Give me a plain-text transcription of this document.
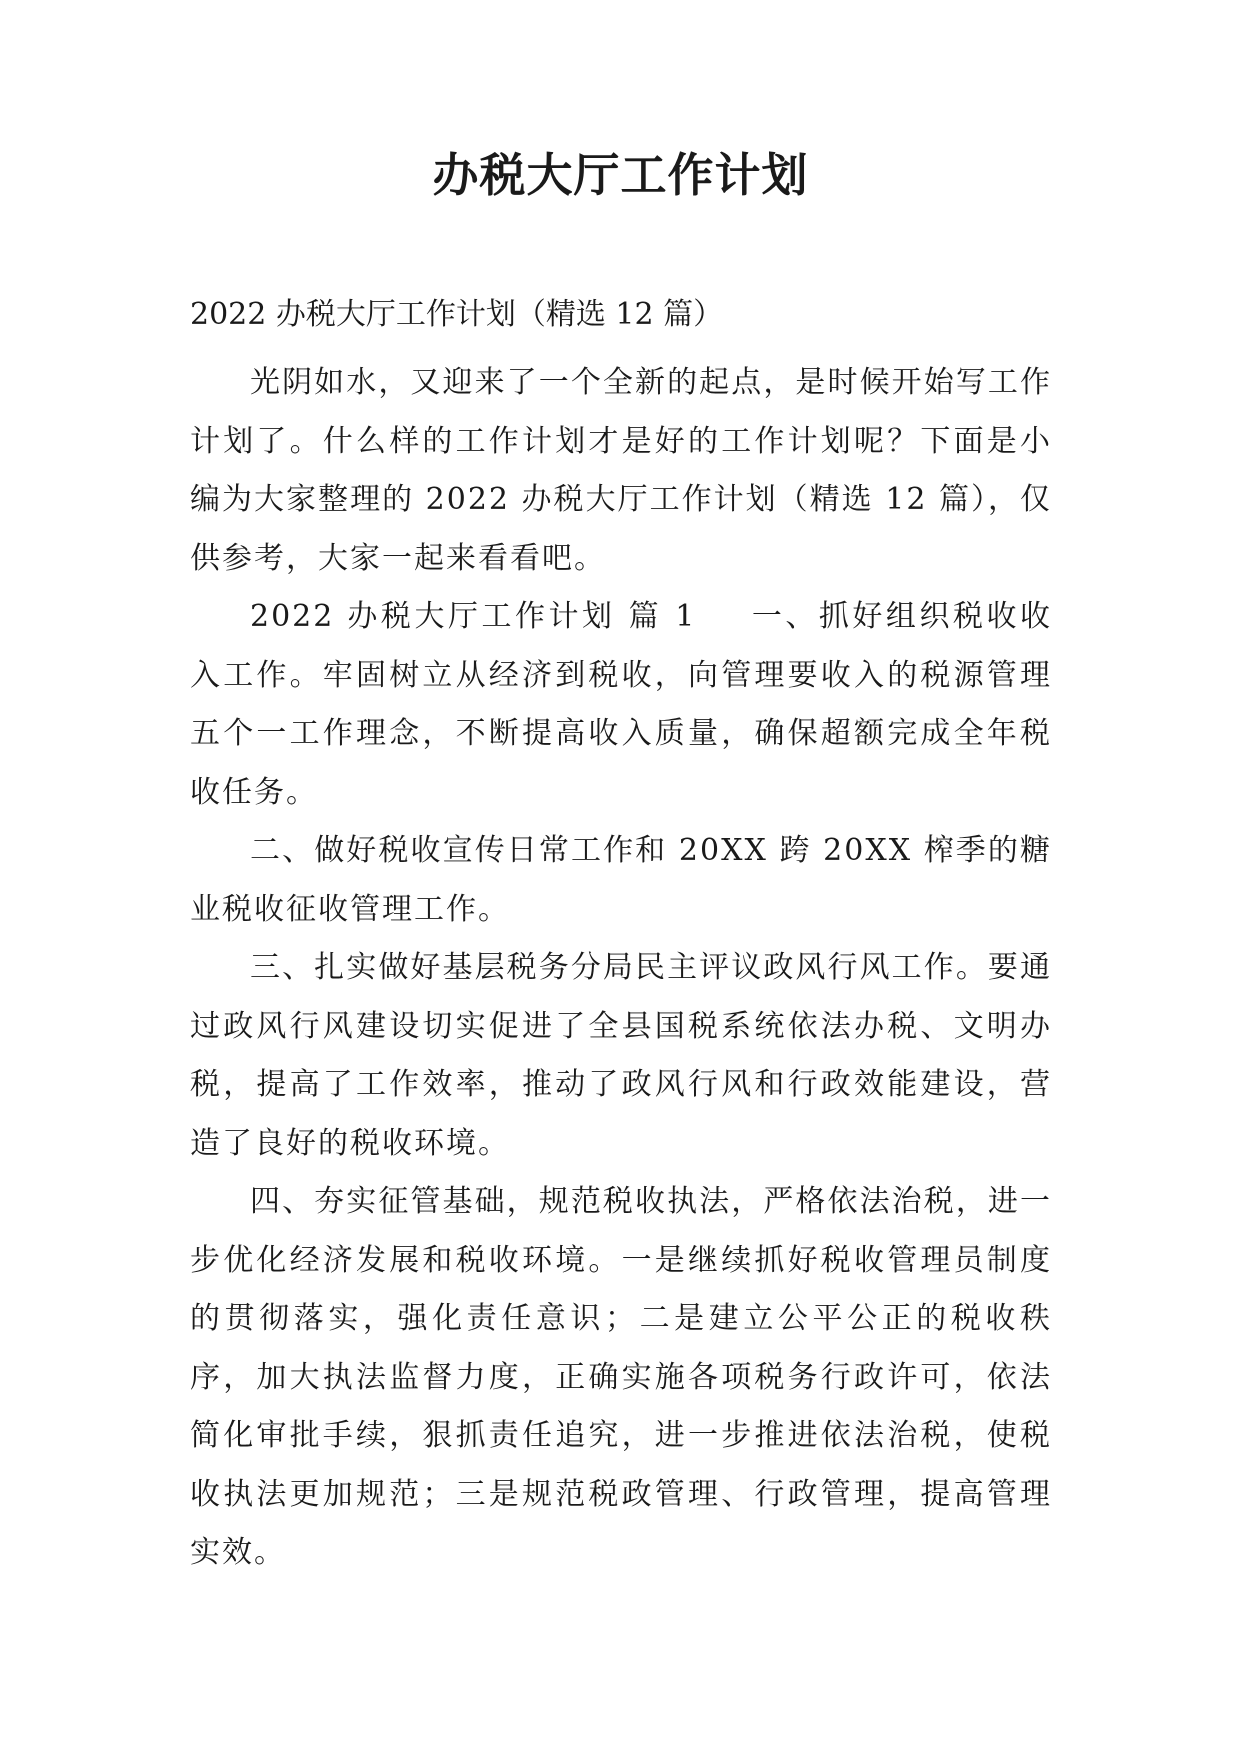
办税大厅工作计划

2022 办税大厅工作计划（精选 12 篇）

光阴如水，又迎来了一个全新的起点，是时候开始写工作计划了。什么样的工作计划才是好的工作计划呢？下面是小编为大家整理的 2022 办税大厅工作计划（精选 12 篇），仅供参考，大家一起来看看吧。

2022 办税大厅工作计划 篇 1 一、抓好组织税收收入工作。牢固树立从经济到税收，向管理要收入的税源管理五个一工作理念，不断提高收入质量，确保超额完成全年税收任务。

二、做好税收宣传日常工作和 20XX 跨 20XX 榨季的糖业税收征收管理工作。

三、扎实做好基层税务分局民主评议政风行风工作。要通过政风行风建设切实促进了全县国税系统依法办税、文明办税，提高了工作效率，推动了政风行风和行政效能建设，营造了良好的税收环境。

四、夯实征管基础，规范税收执法，严格依法治税，进一步优化经济发展和税收环境。一是继续抓好税收管理员制度的贯彻落实，强化责任意识；二是建立公平公正的税收秩序，加大执法监督力度，正确实施各项税务行政许可，依法简化审批手续，狠抓责任追究，进一步推进依法治税，使税收执法更加规范；三是规范税政管理、行政管理，提高管理实效。
